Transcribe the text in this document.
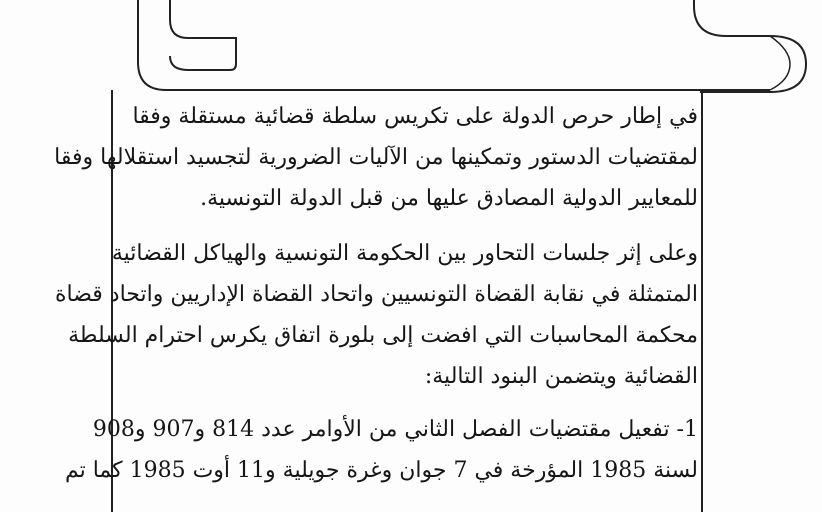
في إطار حرص الدولة على تكريس سلطة قضائية مستقلة وفقا
لمقتضيات الدستور وتمكينها من الآليات الضرورية لتجسيد استقلالها وفقا
للمعايير الدولية المصادق عليها من قبل الدولة التونسية.

وعلى إثر جلسات التحاور بين الحكومة التونسية والهياكل القضائية
المتمثلة في نقابة القضاة التونسيين واتحاد القضاة الإداريين واتحاد قضاة
محكمة المحاسبات التي افضت إلى بلورة اتفاق يكرس احترام السلطة
القضائية ويتضمن البنود التالية:

1- تفعيل مقتضيات الفصل الثاني من الأوامر عدد 814 و907 و908
لسنة 1985 المؤرخة في 7 جوان وغرة جويلية و11 أوت 1985 كما تم
